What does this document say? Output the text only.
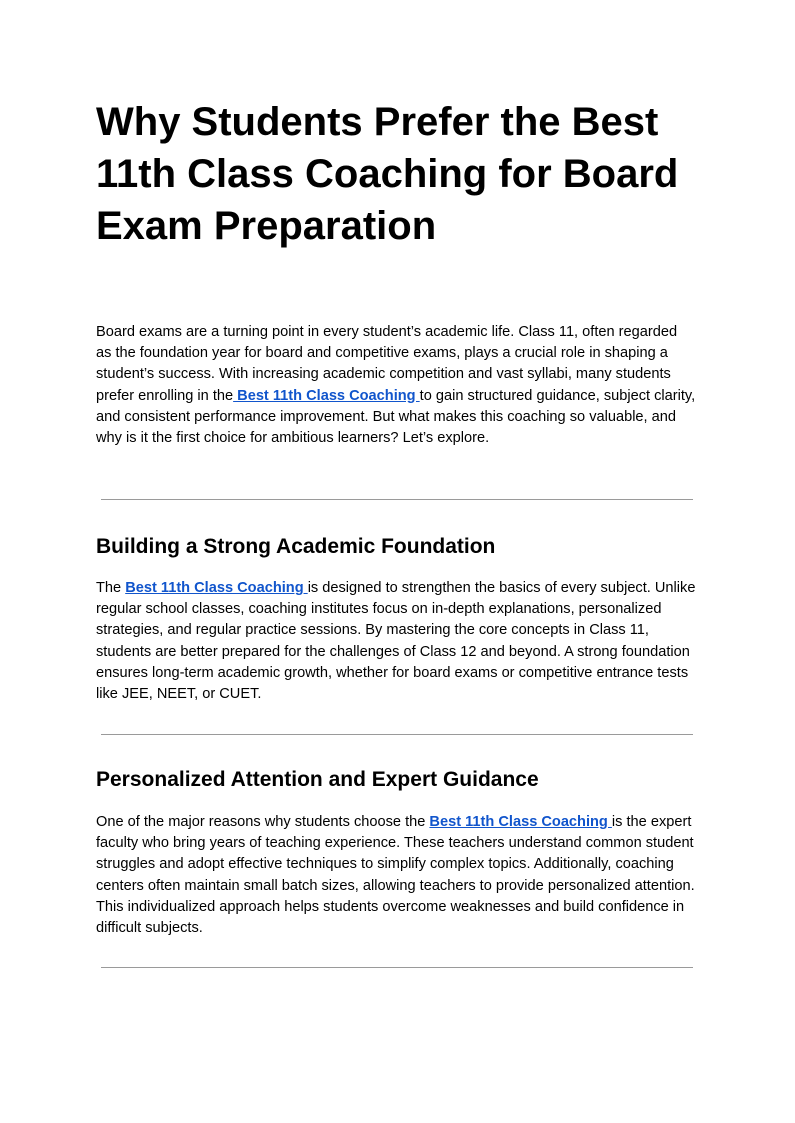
Why Students Prefer the Best 11th Class Coaching for Board Exam Preparation

Board exams are a turning point in every student’s academic life. Class 11, often regarded as the foundation year for board and competitive exams, plays a crucial role in shaping a student’s success. With increasing academic competition and vast syllabi, many students prefer enrolling in the Best 11th Class Coaching to gain structured guidance, subject clarity, and consistent performance improvement. But what makes this coaching so valuable, and why is it the first choice for ambitious learners? Let’s explore.

Building a Strong Academic Foundation

The Best 11th Class Coaching is designed to strengthen the basics of every subject. Unlike regular school classes, coaching institutes focus on in-depth explanations, personalized strategies, and regular practice sessions. By mastering the core concepts in Class 11, students are better prepared for the challenges of Class 12 and beyond. A strong foundation ensures long-term academic growth, whether for board exams or competitive entrance tests like JEE, NEET, or CUET.

Personalized Attention and Expert Guidance

One of the major reasons why students choose the Best 11th Class Coaching is the expert faculty who bring years of teaching experience. These teachers understand common student struggles and adopt effective techniques to simplify complex topics. Additionally, coaching centers often maintain small batch sizes, allowing teachers to provide personalized attention. This individualized approach helps students overcome weaknesses and build confidence in difficult subjects.
